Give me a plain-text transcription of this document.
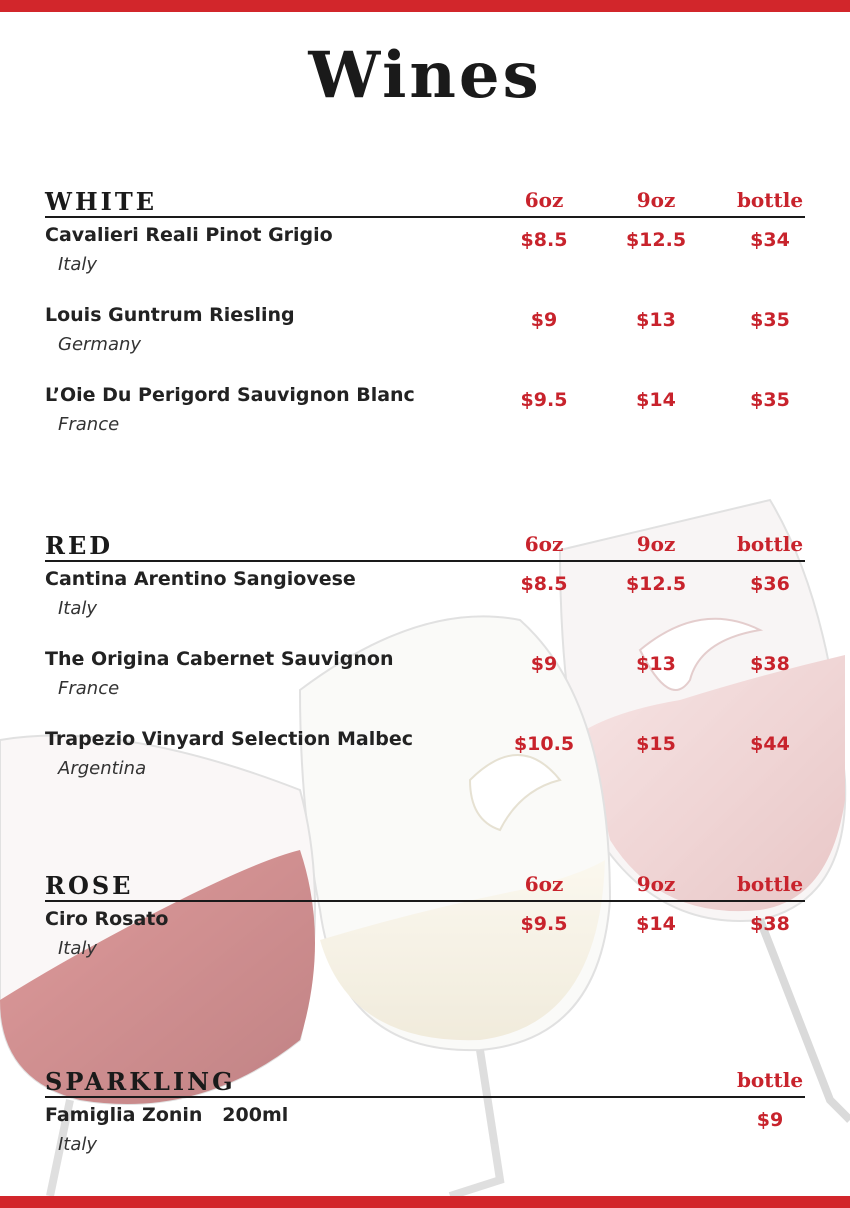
Wines
WHITE	6oz	9oz	bottle
Cavalieri Reali Pinot Grigio
Italy
$8.5	$12.5	$34
Louis Guntrum Riesling
Germany
$9	$13	$35
L’Oie Du Perigord Sauvignon Blanc
France
$9.5	$14	$35
RED	6oz	9oz	bottle
Cantina Arentino Sangiovese
Italy
$8.5	$12.5	$36
The Origina Cabernet Sauvignon
France
$9	$13	$38
Trapezio Vinyard Selection Malbec
Argentina
$10.5	$15	$44
ROSE	6oz	9oz	bottle
Ciro Rosato
Italy
$9.5	$14	$38
SPARKLING	bottle
Famiglia Zonin   200ml
Italy
$9
